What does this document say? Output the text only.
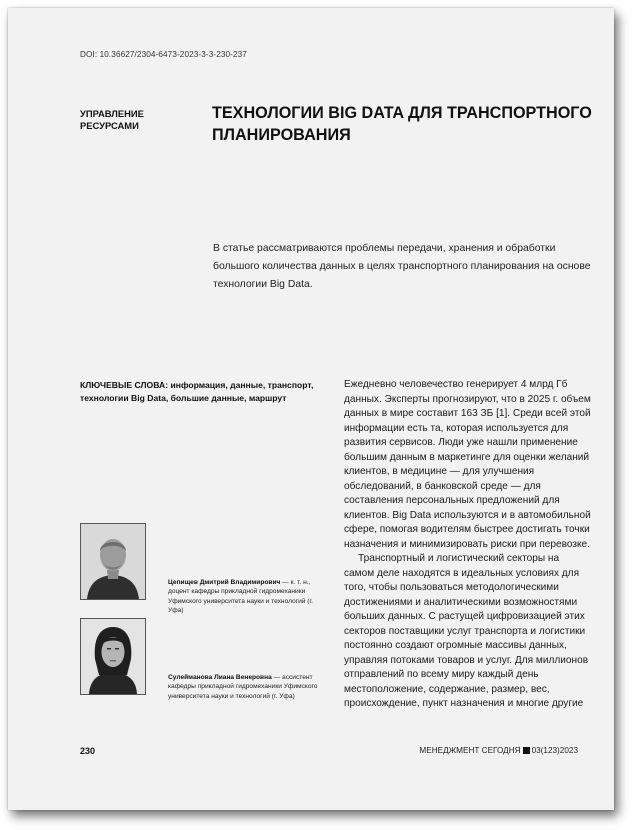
DOI: 10.36627/2304-6473-2023-3-3-230-237
УПРАВЛЕНИЕ РЕСУРСАМИ
ТЕХНОЛОГИИ BIG DATA ДЛЯ ТРАНСПОРТНОГО ПЛАНИРОВАНИЯ
В статье рассматриваются проблемы передачи, хранения и обработки большого количества данных в целях транспортного планирования на основе технологии Big Data.
КЛЮЧЕВЫЕ СЛОВА: информация, данные, транспорт, технологии Big Data, большие данные, маршрут

Ежедневно человечество генерирует 4 млрд Гб данных. Эксперты прогнозируют, что в 2025 г. объем данных в мире составит 163 ЗБ [1]. Среди всей этой информации есть та, которая используется для развития сервисов. Люди уже нашли применение большим данным в маркетинге для оценки желаний клиентов, в медицине — для улучшения обследований, в банковской среде — для составления персональных предложений для клиентов. Big Data используются и в автомобильной сфере, помогая водителям быстрее достигать точки назначения и минимизировать риски при перевозке.

Транспортный и логистический секторы на самом деле находятся в идеальных условиях для того, чтобы пользоваться методологическими достижениями и аналитическими возможностями больших данных. С растущей цифровизацией этих секторов поставщики услуг транспорта и логистики постоянно создают огромные массивы данных, управляя потоками товаров и услуг. Для миллионов отправлений по всему миру каждый день местоположение, содержание, размер, вес, происхождение, пункт назначения и многие другие

Цепищев Дмитрий Владимирович — к. т. н., доцент кафедры прикладной гидромеханики Уфимского университета науки и технологий (г. Уфа)
Сулейманова Лиана Венеровна — ассистент кафедры прикладной гидромеханики Уфимского университета науки и технологий (г. Уфа)
230	МЕНЕДЖМЕНТ СЕГОДНЯ 03(123)2023
